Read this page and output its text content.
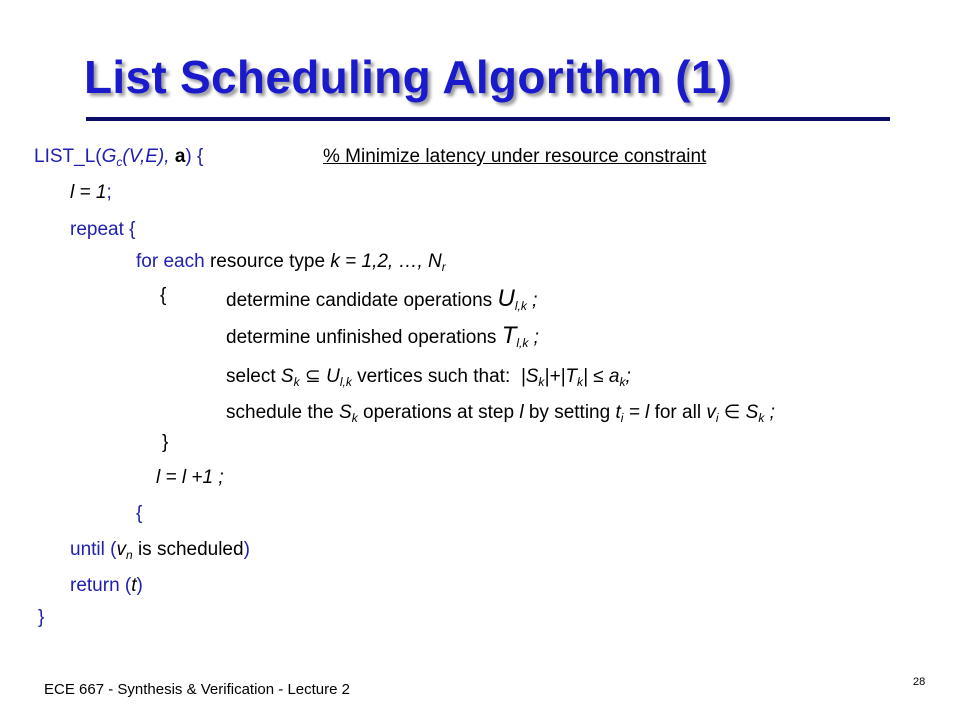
List Scheduling Algorithm (1)
$LIST\_L(G_c(V,E)$, a) {	% Minimize latency under resource constraint
l = 1;
repeat {
for each resource type k = 1,2, …, $N_r$
{	determine candidate operations $U_{l,k}$ ;
determine unfinished operations $T_{l,k}$ ;
select $S_k$ ⊆ $U_{l,k}$ vertices such that: $|S_k|+|T_k| \le a_k$;
schedule the $S_k$ operations at step l by setting $t_i = l$ for all $v_i$ ∈ $S_k$ ;
}
l = l +1 ;
{
until ($v_n$ is scheduled)
return (t)
}
ECE 667 - Synthesis & Verification - Lecture 2	28
